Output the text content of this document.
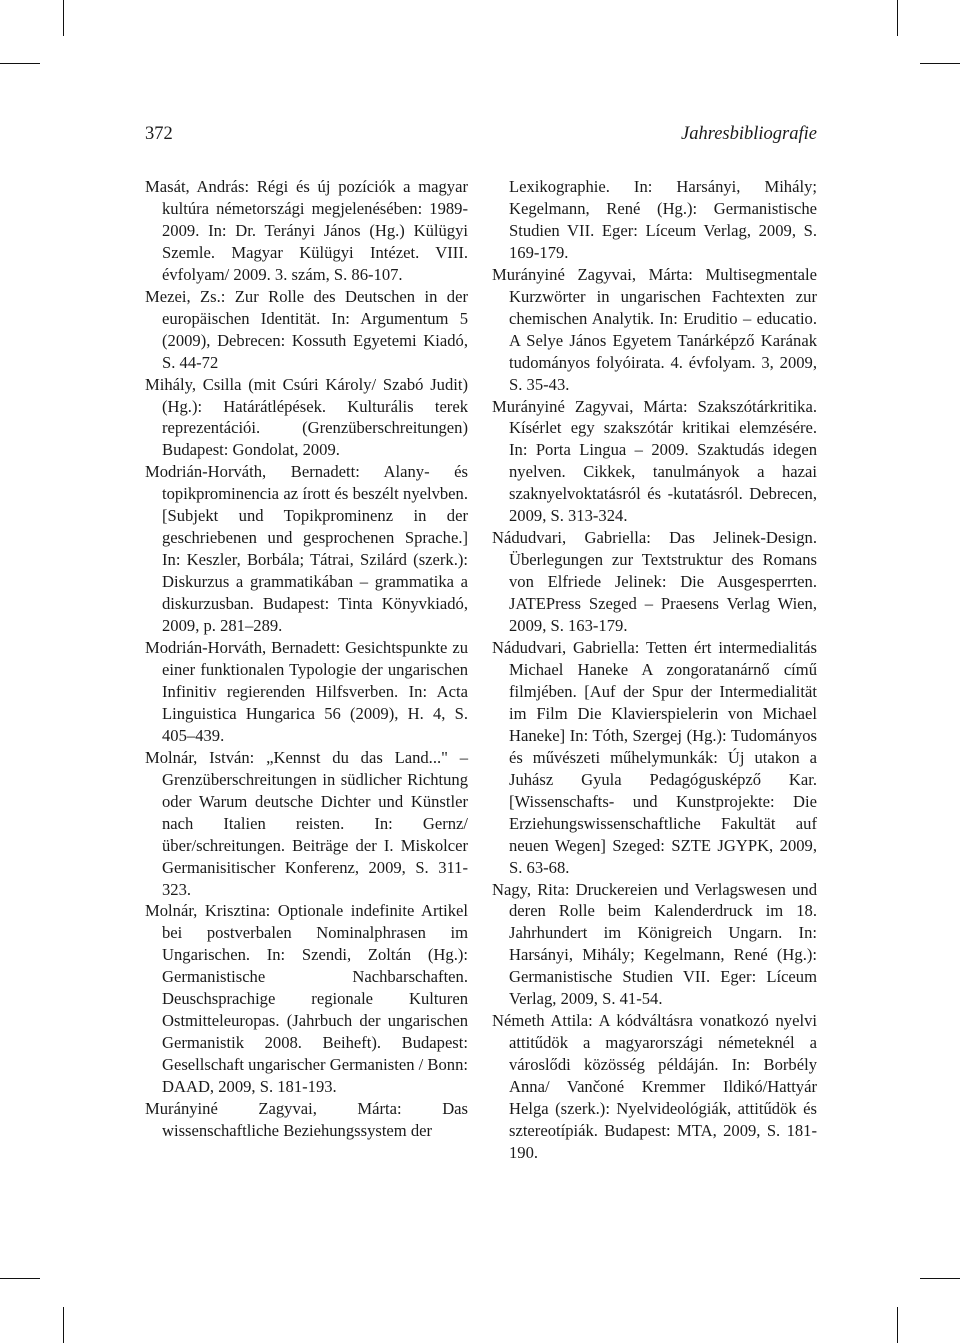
372	Jahresbibliografie

Masát, András: Régi és új pozíciók a magyar kultúra németországi megjelenésében: 1989-2009. In: Dr. Terányi János (Hg.) Külügyi Szemle. Magyar Külügyi Intézet. VIII. évfolyam/ 2009. 3. szám, S. 86-107.

Mezei, Zs.: Zur Rolle des Deutschen in der europäischen Identität. In: Argumentum 5 (2009), Debrecen: Kossuth Egyetemi Kiadó, S. 44-72

Mihály, Csilla (mit Csúri Károly/ Szabó Judit) (Hg.): Határátlépések. Kulturális terek reprezentációi. (Grenzüberschreitungen) Budapest: Gondolat, 2009.

Modrián-Horváth, Bernadett: Alany- és topikprominencia az írott és beszélt nyelvben. [Subjekt und Topikprominenz in der geschriebenen und gesprochenen Sprache.] In: Keszler, Borbála; Tátrai, Szilárd (szerk.): Diskurzus a grammatikában – grammatika a diskurzusban. Budapest: Tinta Könyvkiadó, 2009, p. 281–289.

Modrián-Horváth, Bernadett: Gesichtspunkte zu einer funktionalen Typologie der ungarischen Infinitiv regierenden Hilfsverben. In: Acta Linguistica Hungarica 56 (2009), H. 4, S. 405–439.

Molnár, István: „Kennst du das Land..." – Grenzüberschreitungen in südlicher Richtung oder Warum deutsche Dichter und Künstler nach Italien reisten. In: Gernz/über/schreitungen. Beiträge der I. Miskolcer Germanisitischer Konferenz, 2009, S. 311-323.

Molnár, Krisztina: Optionale indefinite Artikel bei postverbalen Nominalphrasen im Ungarischen. In: Szendi, Zoltán (Hg.): Germanistische Nachbarschaften. Deuschsprachige regionale Kulturen Ostmitteleuropas. (Jahrbuch der ungarischen Germanistik 2008. Beiheft). Budapest: Gesellschaft ungarischer Germanisten / Bonn: DAAD, 2009, S. 181-193.

Murányiné Zagyvai, Márta: Das wissenschaftliche Beziehungssystem der

Lexikographie. In: Harsányi, Mihály; Kegelmann, René (Hg.): Germanistische Studien VII. Eger: Líceum Verlag, 2009, S. 169-179.

Murányiné Zagyvai, Márta: Multisegmentale Kurzwörter in ungarischen Fachtexten zur chemischen Analytik. In: Eruditio – educatio. A Selye János Egyetem Tanárképző Karának tudományos folyóirata. 4. évfolyam. 3, 2009, S. 35-43.

Murányiné Zagyvai, Márta: Szakszótárkritika. Kísérlet egy szakszótár kritikai elemzésére. In: Porta Lingua – 2009. Szaktudás idegen nyelven. Cikkek, tanulmányok a hazai szaknyelvoktatásról és -kutatásról. Debrecen, 2009, S. 313-324.

Nádudvari, Gabriella: Das Jelinek-Design. Überlegungen zur Textstruktur des Romans von Elfriede Jelinek: Die Ausgesperrten. JATEPress Szeged – Praesens Verlag Wien, 2009, S. 163-179.

Nádudvari, Gabriella: Tetten ért intermedialitás Michael Haneke A zongoratanárnő című filmjében. [Auf der Spur der Intermedialität im Film Die Klavierspielerin von Michael Haneke] In: Tóth, Szergej (Hg.): Tudományos és művészeti műhelymunkák: Új utakon a Juhász Gyula Pedagógusképző Kar. [Wissenschafts- und Kunstprojekte: Die Erziehungswissenschaftliche Fakultät auf neuen Wegen] Szeged: SZTE JGYPK, 2009, S. 63-68.

Nagy, Rita: Druckereien und Verlagswesen und deren Rolle beim Kalenderdruck im 18. Jahrhundert im Königreich Ungarn. In: Harsányi, Mihály; Kegelmann, René (Hg.): Germanistische Studien VII. Eger: Líceum Verlag, 2009, S. 41-54.

Németh Attila: A kódváltásra vonatkozó nyelvi attitűdök a magyarországi németeknél a városlődi közösség példáján. In: Borbély Anna/ Vančoné Kremmer Ildikó/Hattyár Helga (szerk.): Nyelvideológiák, attitűdök és sztereotípiák. Budapest: MTA, 2009, S. 181-190.
